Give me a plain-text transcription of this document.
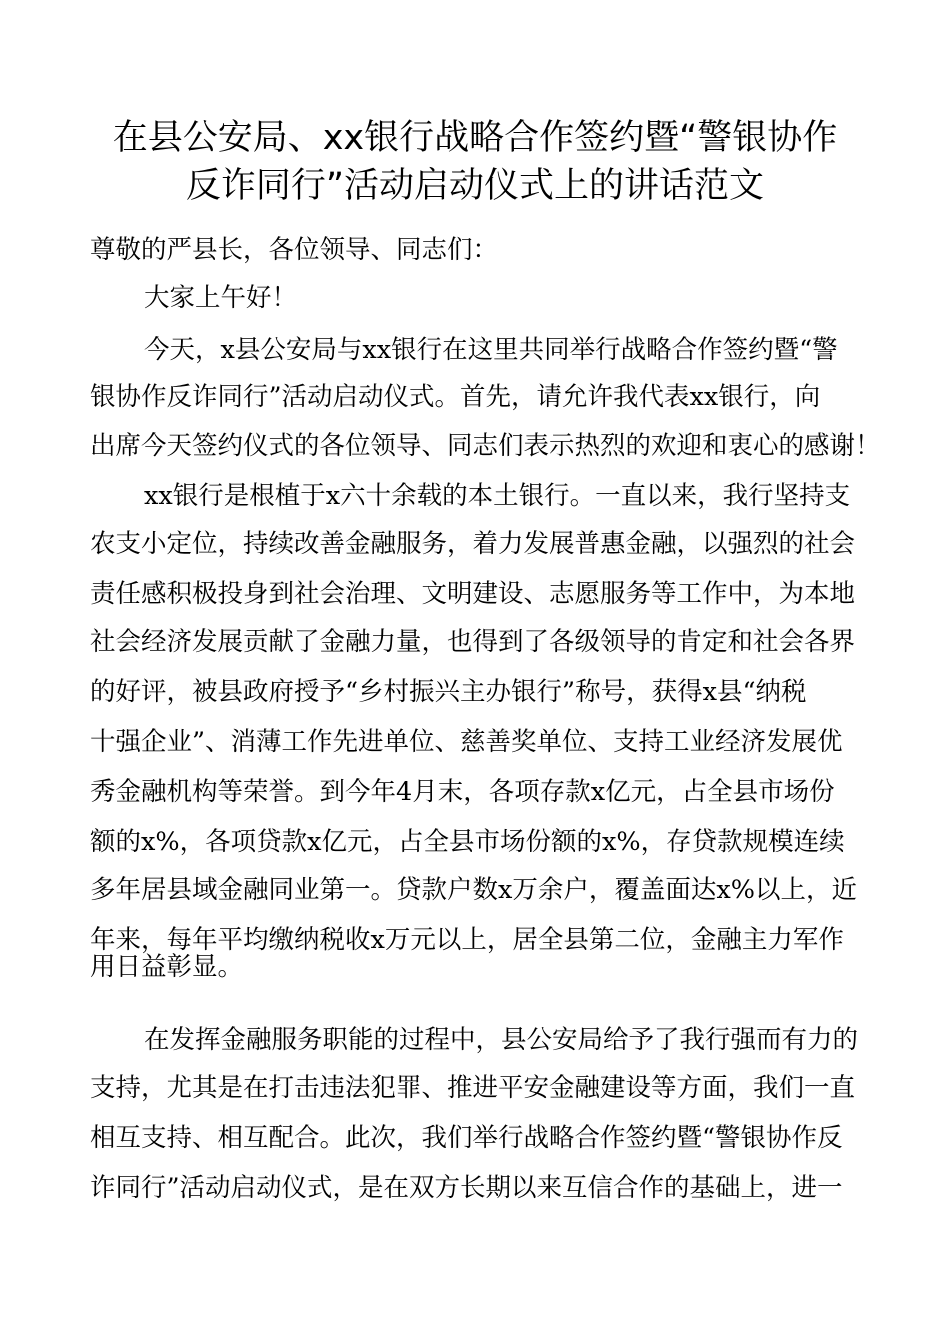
在县公安局、xx银行战略合作签约暨“警银协作
反诈同行”活动启动仪式上的讲话范文
尊敬的严县长，各位领导、同志们：
大家上午好！
今天，x县公安局与xx银行在这里共同举行战略合作签约暨“警
银协作反诈同行”活动启动仪式。首先，请允许我代表xx银行，向
出席今天签约仪式的各位领导、同志们表示热烈的欢迎和衷心的感谢！
xx银行是根植于x六十余载的本土银行。一直以来，我行坚持支
农支小定位，持续改善金融服务，着力发展普惠金融，以强烈的社会
责任感积极投身到社会治理、文明建设、志愿服务等工作中，为本地
社会经济发展贡献了金融力量，也得到了各级领导的肯定和社会各界
的好评，被县政府授予“乡村振兴主办银行”称号，获得x县“纳税
十强企业”、消薄工作先进单位、慈善奖单位、支持工业经济发展优
秀金融机构等荣誉。到今年4月末，各项存款x亿元，占全县市场份
额的x%，各项贷款x亿元，占全县市场份额的x%，存贷款规模连续
多年居县域金融同业第一。贷款户数x万余户，覆盖面达x%以上，近
年来，每年平均缴纳税收x万元以上，居全县第二位，金融主力军作
用日益彰显。
在发挥金融服务职能的过程中，县公安局给予了我行强而有力的
支持，尤其是在打击违法犯罪、推进平安金融建设等方面，我们一直
相互支持、相互配合。此次，我们举行战略合作签约暨“警银协作反
诈同行”活动启动仪式，是在双方长期以来互信合作的基础上，进一
